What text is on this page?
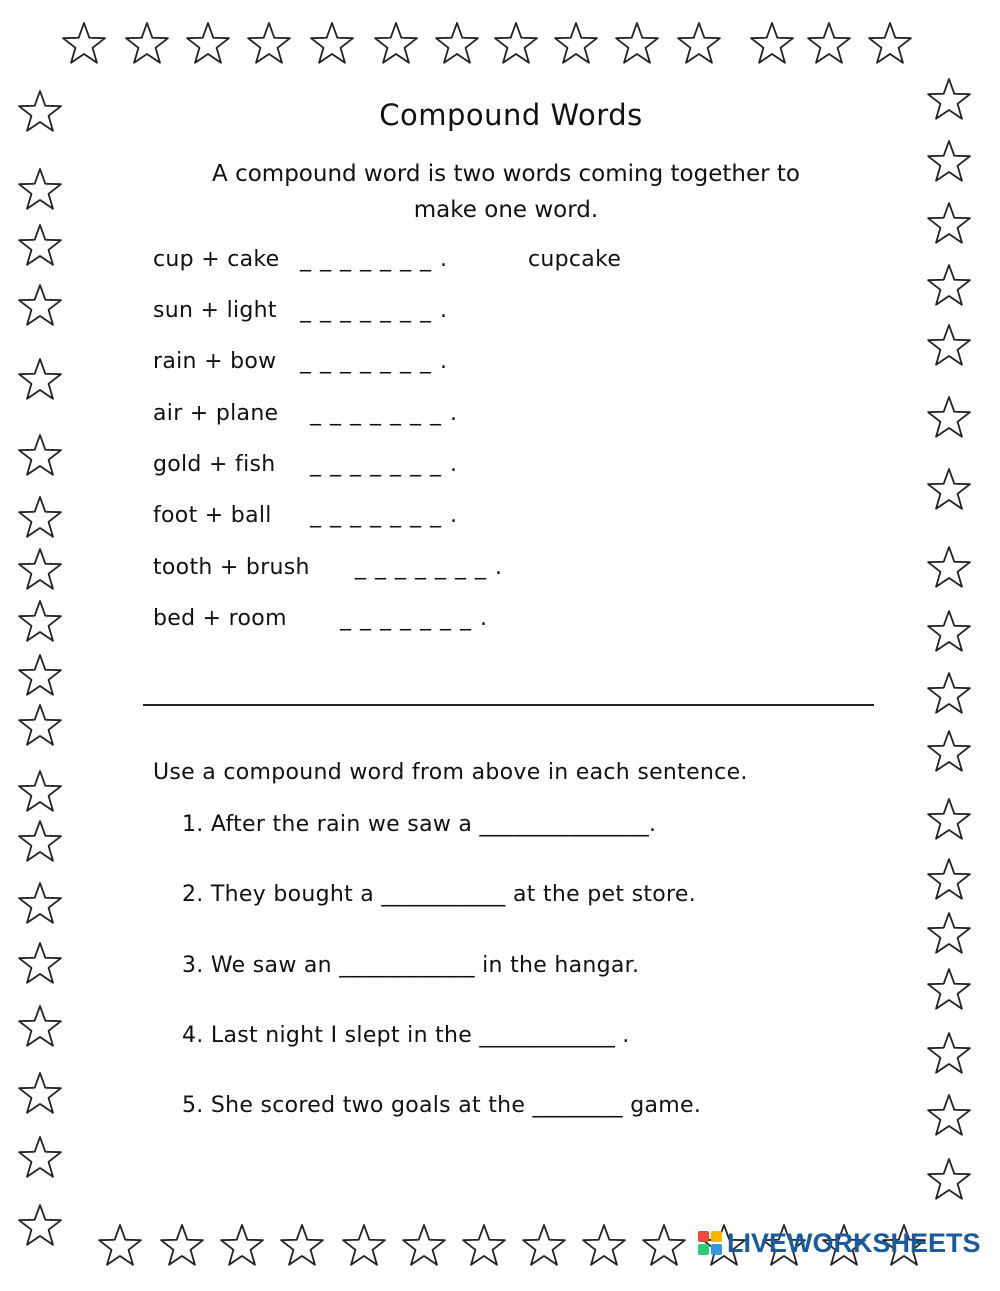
Compound Words
A compound word is two words coming together to make one word.
cup + cake _ _ _ _ _ _ _ .
sun + light _ _ _ _ _ _ _ .
rain + bow _ _ _ _ _ _ _ .
air + plane _ _ _ _ _ _ _ .
gold + fish _ _ _ _ _ _ _ .
foot + ball _ _ _ _ _ _ _ .
tooth + brush _ _ _ _ _ _ _ .
bed + room _ _ _ _ _ _ _ .
cupcake
Use a compound word from above in each sentence.
1. After the rain we saw a _______________.
2. They bought a ___________ at the pet store.
3. We saw an ____________ in the hangar.
4. Last night I slept in the ____________ .
5. She scored two goals at the ________ game.
LIVEWORKSHEETS
